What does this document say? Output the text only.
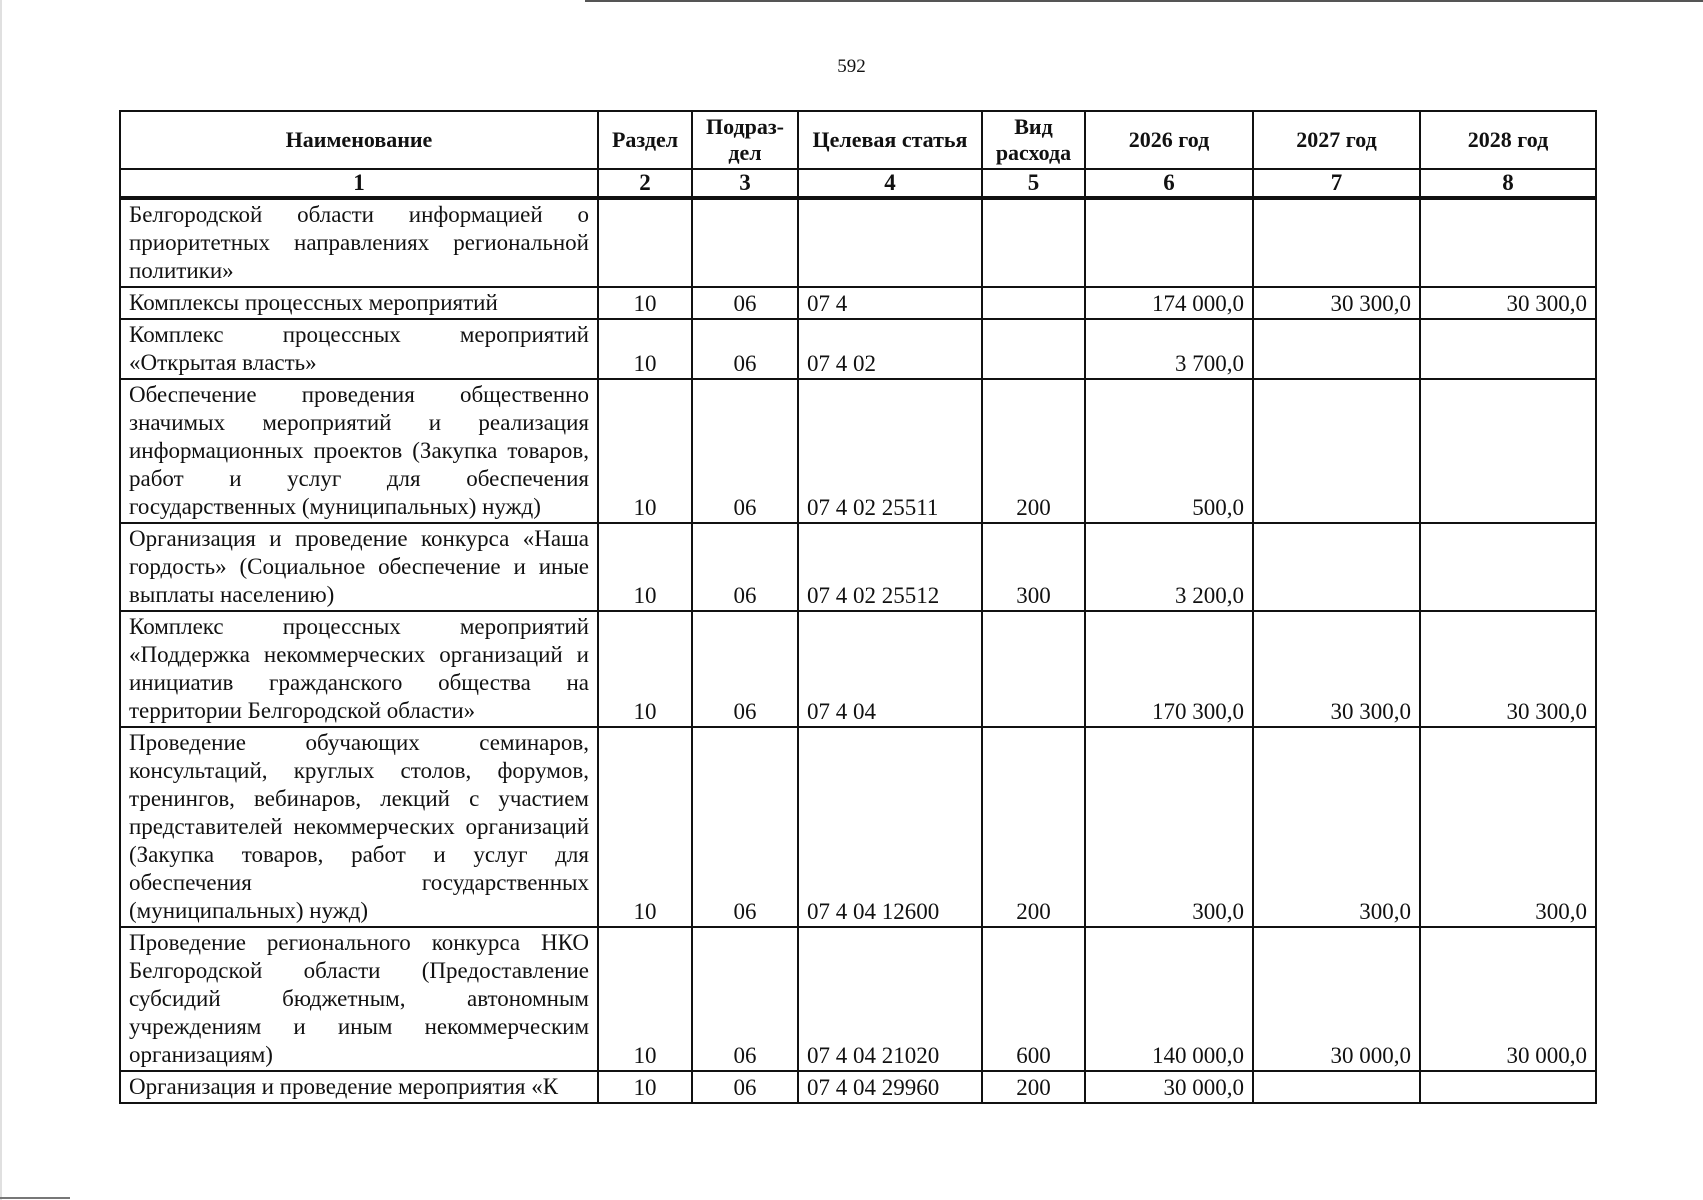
592
Наименование	Раздел	Подраз-дел	Целевая статья	Вид расхода	2026 год	2027 год	2028 год
1	2	3	4	5	6	7	8
Белгородской области информацией о приоритетных направлениях региональной политики»							
Комплексы процессных мероприятий	10	06	07 4		174 000,0	30 300,0	30 300,0
Комплекс процессных мероприятий «Открытая власть»	10	06	07 4 02		3 700,0		
Обеспечение проведения общественно значимых мероприятий и реализация информационных проектов (Закупка товаров, работ и услуг для обеспечения государственных (муниципальных) нужд)	10	06	07 4 02 25511	200	500,0		
Организация и проведение конкурса «Наша гордость» (Социальное обеспечение и иные выплаты населению)	10	06	07 4 02 25512	300	3 200,0		
Комплекс процессных мероприятий «Поддержка некоммерческих организаций и инициатив гражданского общества на территории Белгородской области»	10	06	07 4 04		170 300,0	30 300,0	30 300,0
Проведение обучающих семинаров, консультаций, круглых столов, форумов, тренингов, вебинаров, лекций с участием представителей некоммерческих организаций (Закупка товаров, работ и услуг для обеспечения государственных (муниципальных) нужд)	10	06	07 4 04 12600	200	300,0	300,0	300,0
Проведение регионального конкурса НКО Белгородской области (Предоставление субсидий бюджетным, автономным учреждениям и иным некоммерческим организациям)	10	06	07 4 04 21020	600	140 000,0	30 000,0	30 000,0
Организация и проведение мероприятия «К	10	06	07 4 04 29960	200	30 000,0		
